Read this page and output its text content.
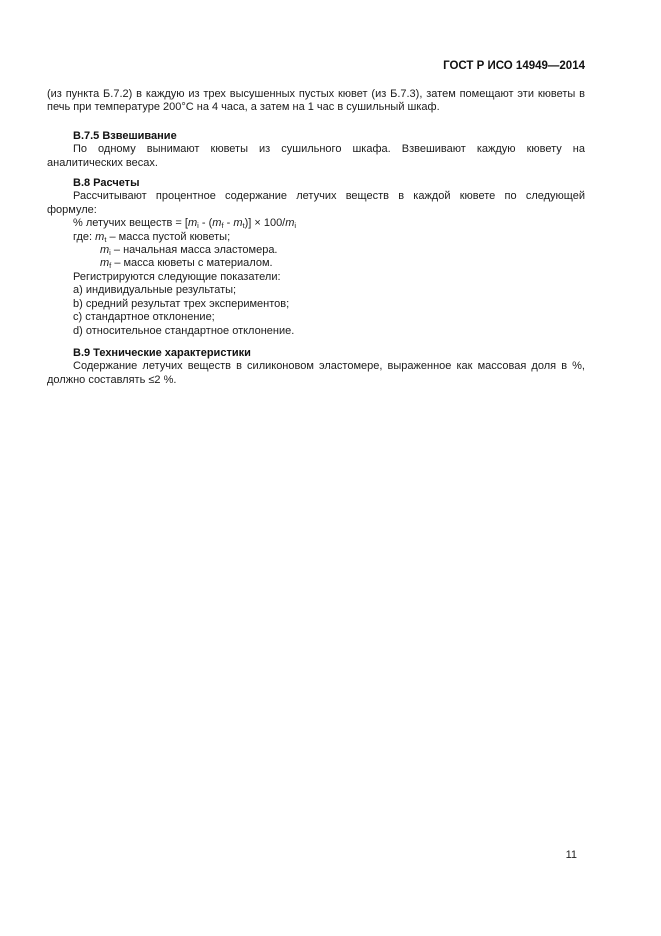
ГОСТ Р ИСО 14949—2014
(из пункта Б.7.2) в каждую из трех высушенных пустых кювет (из Б.7.3), затем помещают эти кюветы в
печь при температуре 200°С на 4 часа, а затем на 1 час в сушильный шкаф.
В.7.5 Взвешивание
По одному вынимают кюветы из сушильного шкафа. Взвешивают каждую кювету на
аналитических весах.
В.8 Расчеты
Рассчитывают процентное содержание летучих веществ в каждой кювете по следующей
формуле:
% летучих веществ = $[m_i - (m_f - m_t)] \times 100/m_i$
где: $m_t$ – масса пустой кюветы;
$m_i$ – начальная масса эластомера.
$m_f$ – масса кюветы с материалом.
Регистрируются следующие показатели:
a) индивидуальные результаты;
b) средний результат трех экспериментов;
c) стандартное отклонение;
d) относительное стандартное отклонение.
В.9 Технические характеристики
Содержание летучих веществ в силиконовом эластомере, выраженное как массовая доля в %,
должно составлять ≤2 %.
11
